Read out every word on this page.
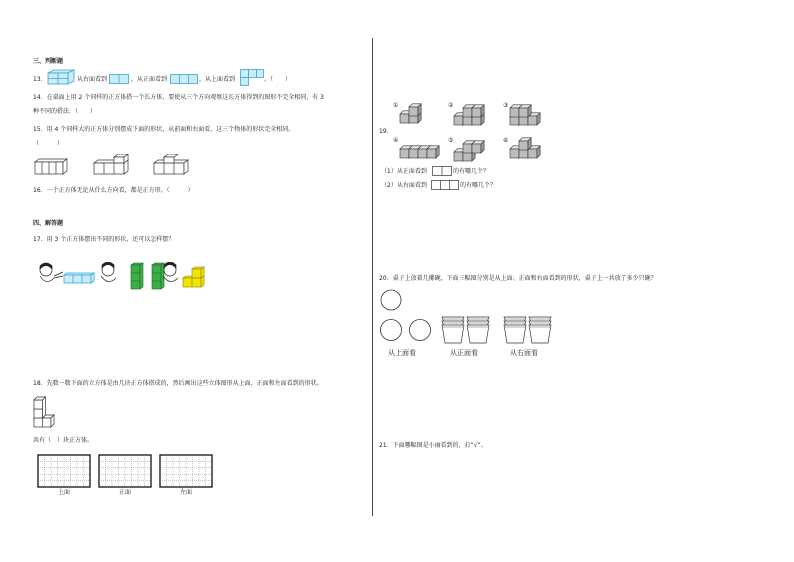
三、判断题
13．	从右面看到	，从正面看到	，从上面看到	。（　　）
14．在桌面上用 2 个同样的正方体搭一个长方体，要使从三个方向观察这长方体得到的图形不完全相同，有 3
种不同的搭法．（　　）
15．用 4 个同样大的正方体分别摆成下面的形状，从前面和右面看，这三个物体的形状完全相同。
（　　　）
16．一个正方体无论从什么方向看，都是正方形。（　　　）
四、解答题
17．用 3 个正方体摆出不同的形状，还可以怎样摆？
18．先数一数下面的立方体是由几块正方体搭成的，然后画出这些立体图形从上面、正面和左面看到的形状。
共有（　）块正方体。
上面	正面	左面
19．
①	②	③
④	⑤	⑥
（1）从正面看到	的有哪几个？
（2）从右面看到	的有哪几个？
20．桌子上放着几摞碗，下面三幅图分别是从上面、正面和右面看到的形状，桌子上一共放了多少只碗？
从上面看	从正面看	从右面看
21．下面哪幅图是小丽看到的，打“√”。
